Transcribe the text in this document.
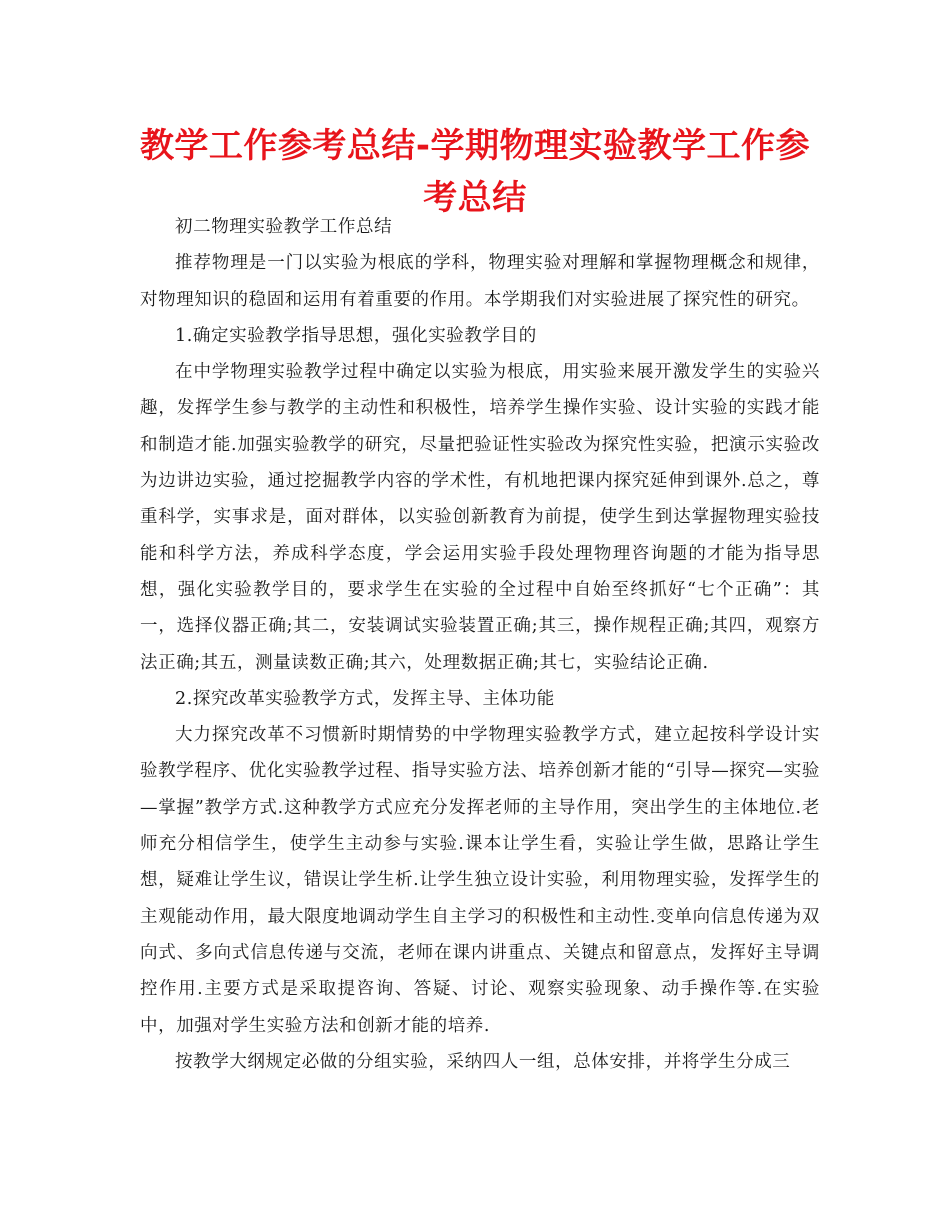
教学工作参考总结-学期物理实验教学工作参考总结

初二物理实验教学工作总结

推荐物理是一门以实验为根底的学科，物理实验对理解和掌握物理概念和规律，对物理知识的稳固和运用有着重要的作用。本学期我们对实验进展了探究性的研究。

1.确定实验教学指导思想，强化实验教学目的

在中学物理实验教学过程中确定以实验为根底，用实验来展开激发学生的实验兴趣，发挥学生参与教学的主动性和积极性，培养学生操作实验、设计实验的实践才能和制造才能.加强实验教学的研究，尽量把验证性实验改为探究性实验，把演示实验改为边讲边实验，通过挖掘教学内容的学术性，有机地把课内探究延伸到课外.总之，尊重科学，实事求是，面对群体，以实验创新教育为前提，使学生到达掌握物理实验技能和科学方法，养成科学态度，学会运用实验手段处理物理咨询题的才能为指导思想，强化实验教学目的，要求学生在实验的全过程中自始至终抓好“七个正确”：其一，选择仪器正确;其二，安装调试实验装置正确;其三，操作规程正确;其四，观察方法正确;其五，测量读数正确;其六，处理数据正确;其七，实验结论正确.

2.探究改革实验教学方式，发挥主导、主体功能

大力探究改革不习惯新时期情势的中学物理实验教学方式，建立起按科学设计实验教学程序、优化实验教学过程、指导实验方法、培养创新才能的“引导—探究—实验—掌握”教学方式.这种教学方式应充分发挥老师的主导作用，突出学生的主体地位.老师充分相信学生，使学生主动参与实验.课本让学生看，实验让学生做，思路让学生想，疑难让学生议，错误让学生析.让学生独立设计实验，利用物理实验，发挥学生的主观能动作用，最大限度地调动学生自主学习的积极性和主动性.变单向信息传递为双向式、多向式信息传递与交流，老师在课内讲重点、关键点和留意点，发挥好主导调控作用.主要方式是采取提咨询、答疑、讨论、观察实验现象、动手操作等.在实验中，加强对学生实验方法和创新才能的培养.

按教学大纲规定必做的分组实验，采纳四人一组，总体安排，并将学生分成三
